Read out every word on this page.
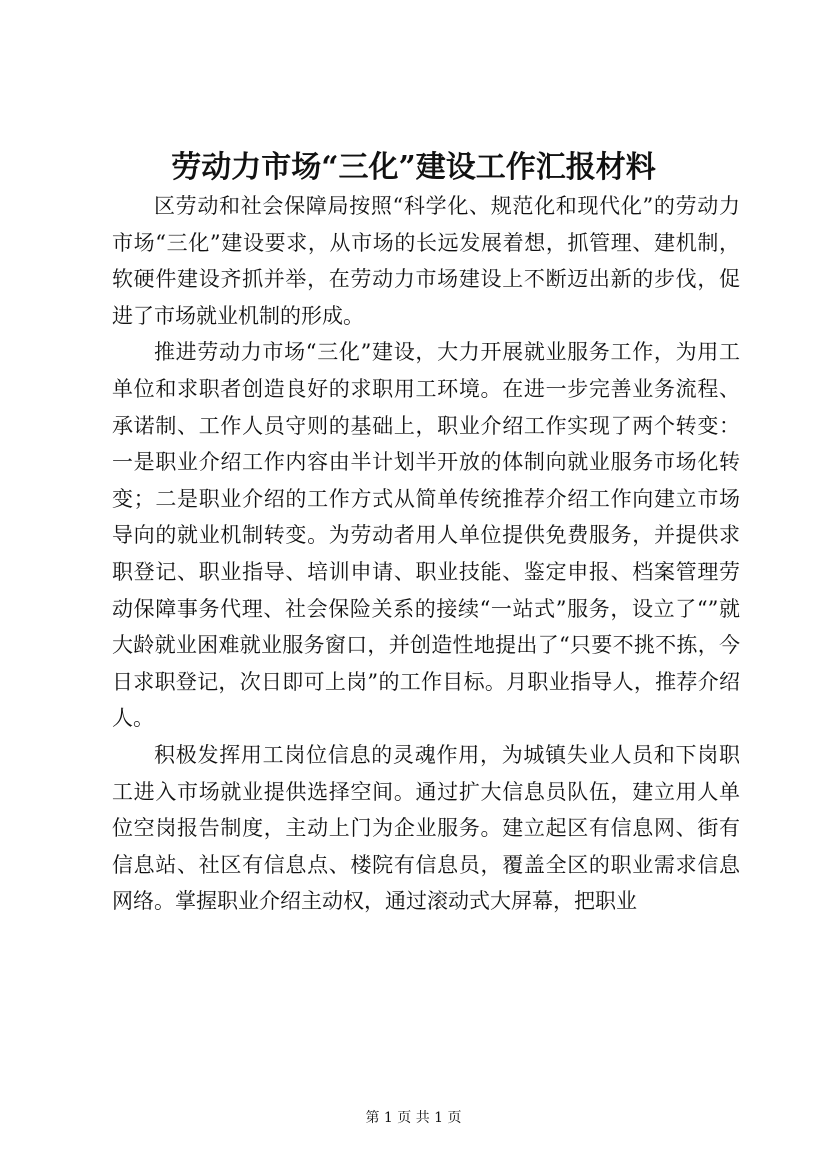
劳动力市场“三化”建设工作汇报材料

区劳动和社会保障局按照“科学化、规范化和现代化”的劳动力市场“三化”建设要求，从市场的长远发展着想，抓管理、建机制，软硬件建设齐抓并举，在劳动力市场建设上不断迈出新的步伐，促进了市场就业机制的形成。

推进劳动力市场“三化”建设，大力开展就业服务工作，为用工单位和求职者创造良好的求职用工环境。在进一步完善业务流程、承诺制、工作人员守则的基础上，职业介绍工作实现了两个转变：一是职业介绍工作内容由半计划半开放的体制向就业服务市场化转变；二是职业介绍的工作方式从简单传统推荐介绍工作向建立市场导向的就业机制转变。为劳动者用人单位提供免费服务，并提供求职登记、职业指导、培训申请、职业技能、鉴定申报、档案管理劳动保障事务代理、社会保险关系的接续“一站式”服务，设立了“”就大龄就业困难就业服务窗口，并创造性地提出了“只要不挑不拣，今日求职登记，次日即可上岗”的工作目标。月职业指导人，推荐介绍人。

积极发挥用工岗位信息的灵魂作用，为城镇失业人员和下岗职工进入市场就业提供选择空间。通过扩大信息员队伍，建立用人单位空岗报告制度，主动上门为企业服务。建立起区有信息网、街有信息站、社区有信息点、楼院有信息员，覆盖全区的职业需求信息网络。掌握职业介绍主动权，通过滚动式大屏幕，把职业

第 1 页 共 1 页
